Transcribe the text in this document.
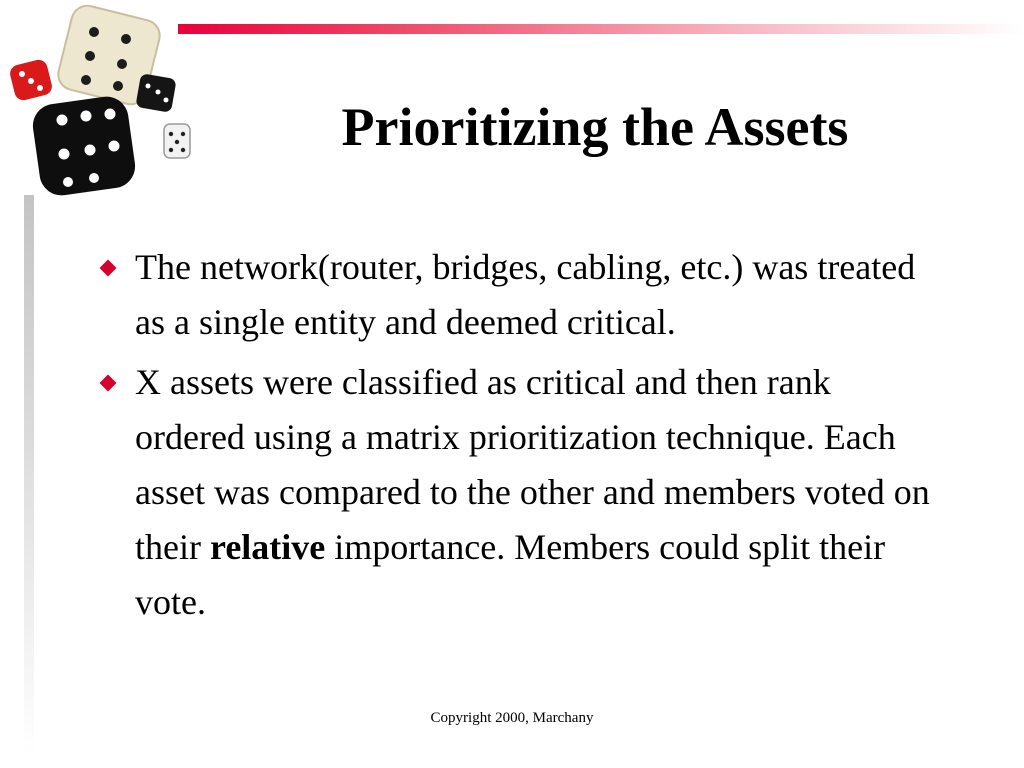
Prioritizing the Assets
The network(router, bridges, cabling, etc.) was treated as a single entity and deemed critical.
X assets were classified as critical and then rank ordered using a matrix prioritization technique. Each asset was compared to the other and members voted on their relative importance. Members could split their vote.
Copyright 2000, Marchany
